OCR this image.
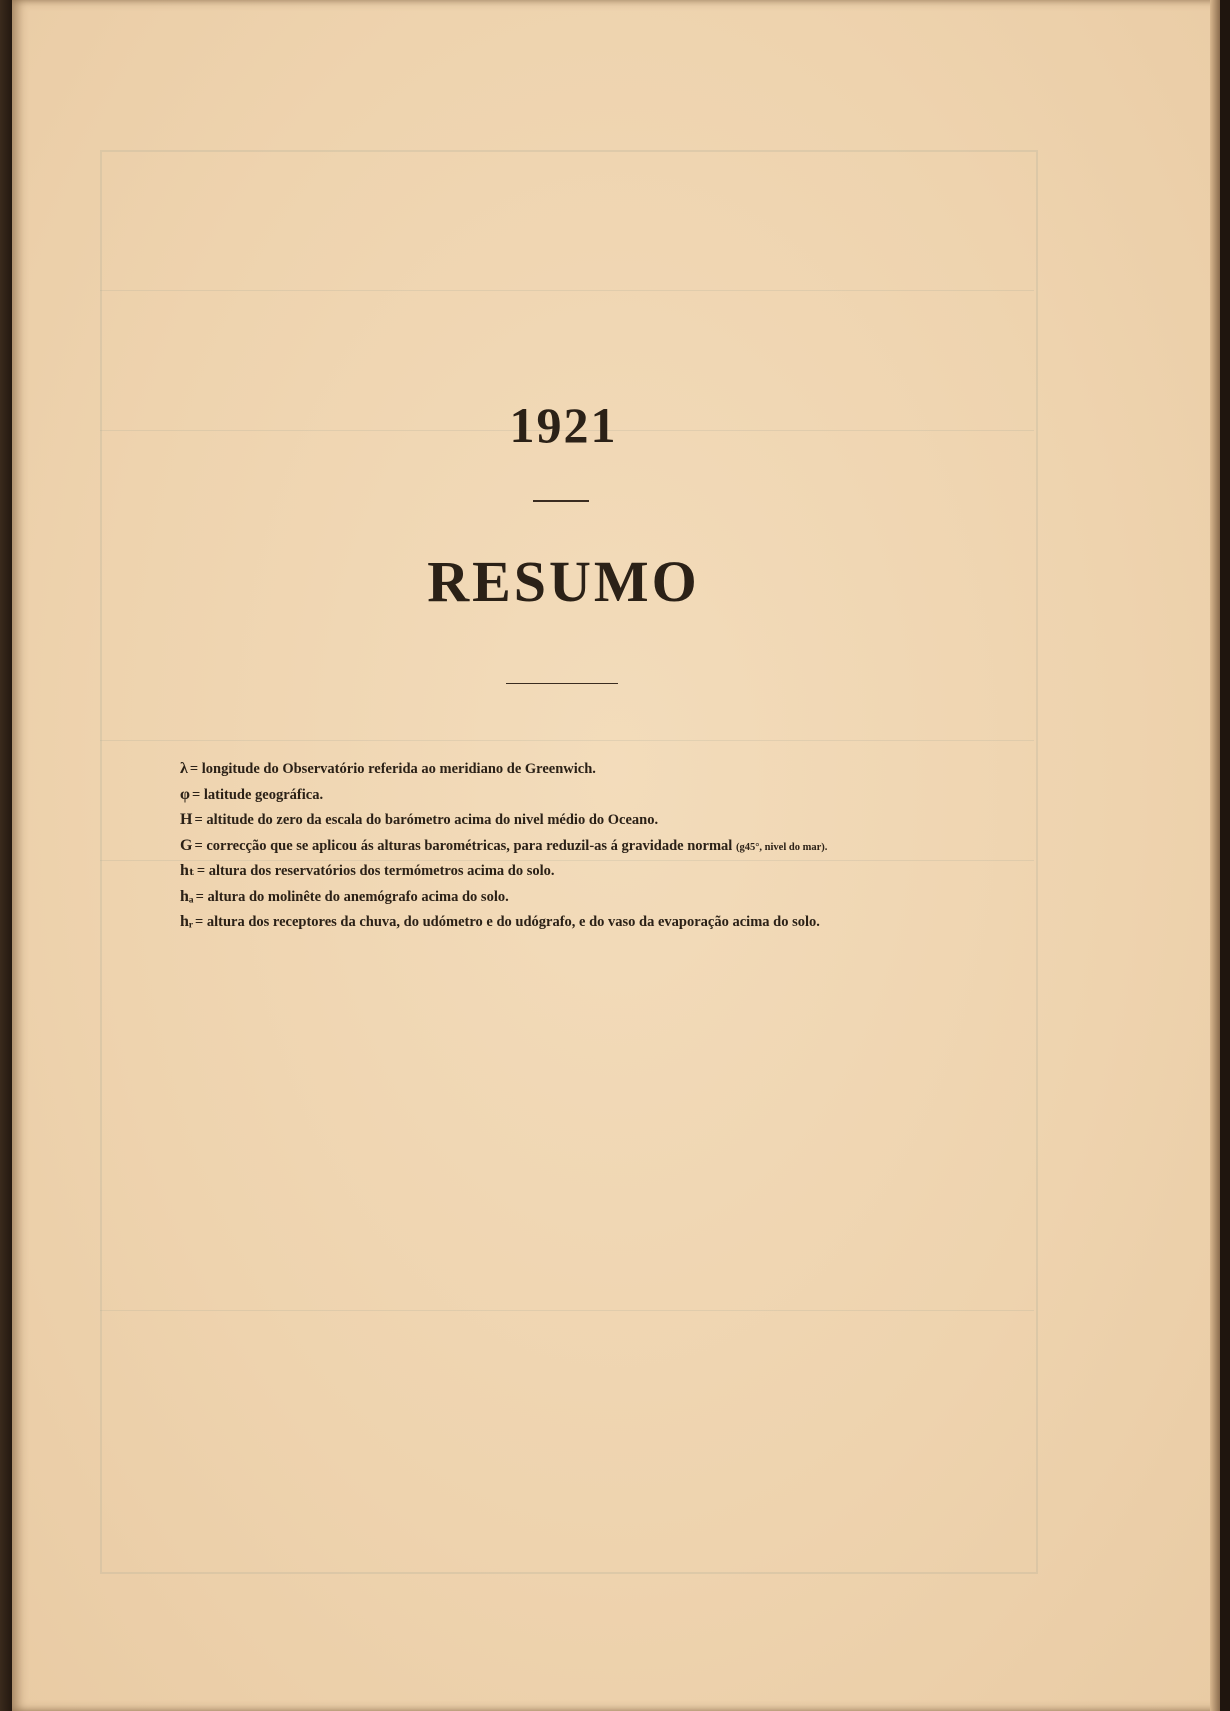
1921
RESUMO
λ = longitude do Observatório referida ao meridiano de Greenwich.
φ = latitude geográfica.
H = altitude do zero da escala do barómetro acima do nivel médio do Oceano.
G = correcção que se aplicou ás alturas barométricas, para reduzil-as á gravidade normal (g45°, nivel do mar).
hₜ = altura dos reservatórios dos termómetros acima do solo.
hₐ = altura do molinête do anemógrafo acima do solo.
hᵣ = altura dos receptores da chuva, do udómetro e do udógrafo, e do vaso da evaporação acima do solo.
